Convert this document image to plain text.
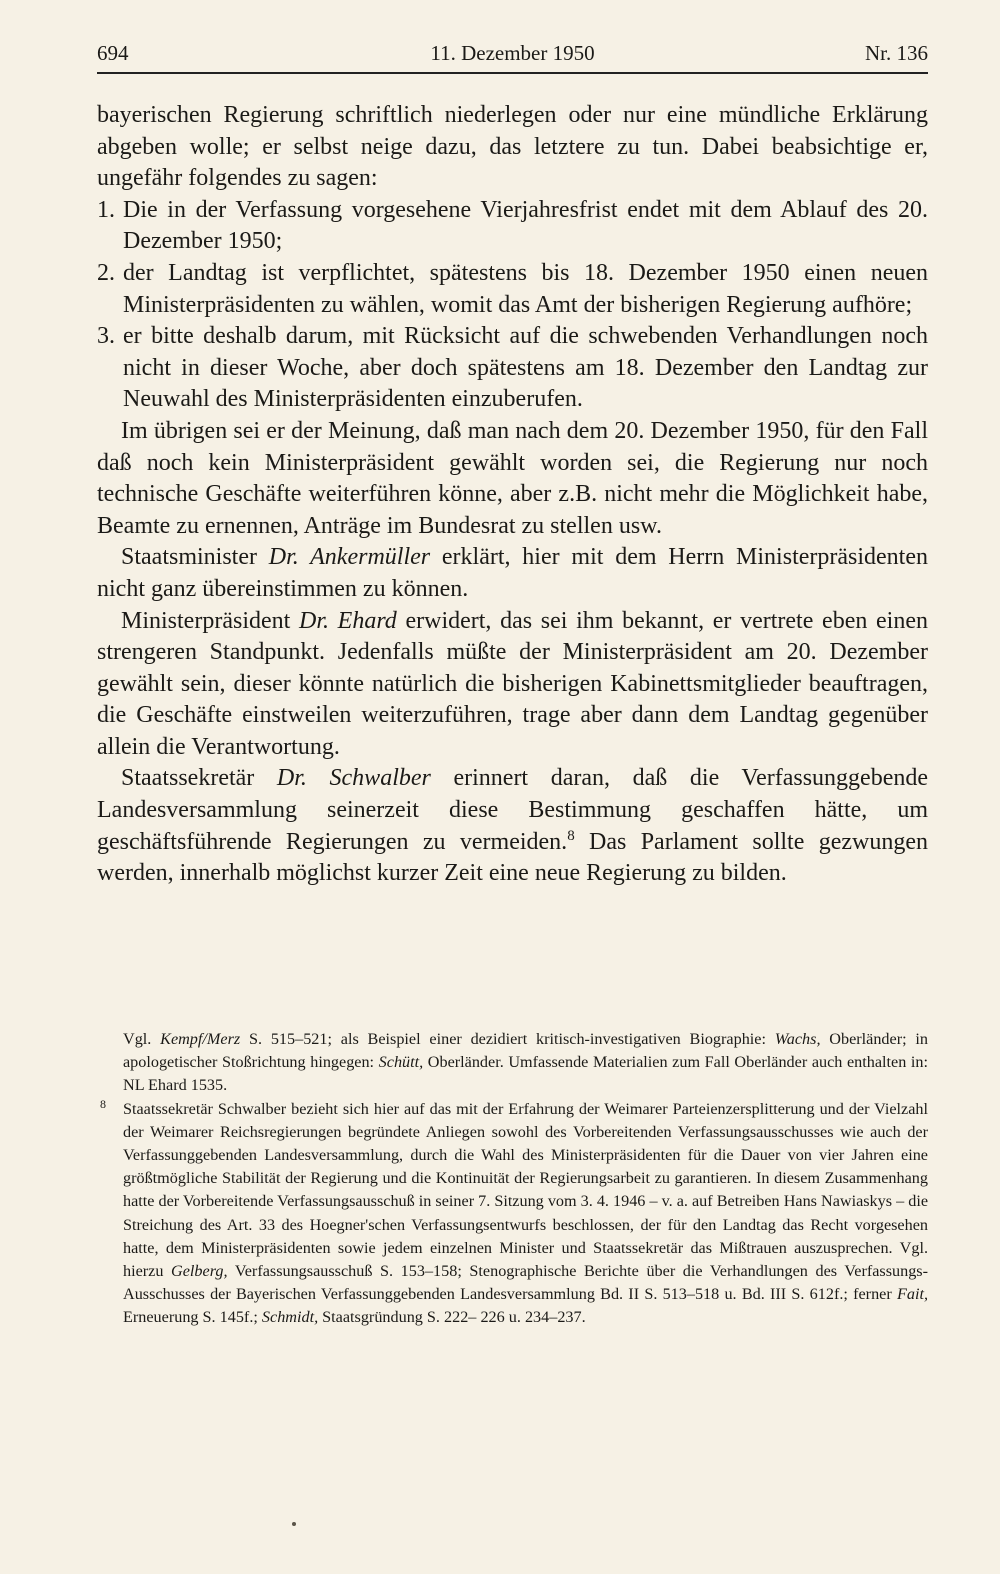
694	11. Dezember 1950	Nr. 136

bayerischen Regierung schriftlich niederlegen oder nur eine mündliche Erklärung abgeben wolle; er selbst neige dazu, das letztere zu tun. Dabei beabsichtige er, ungefähr folgendes zu sagen:

1. Die in der Verfassung vorgesehene Vierjahresfrist endet mit dem Ablauf des 20. Dezember 1950;
2. der Landtag ist verpflichtet, spätestens bis 18. Dezember 1950 einen neuen Ministerpräsidenten zu wählen, womit das Amt der bisherigen Regierung aufhöre;
3. er bitte deshalb darum, mit Rücksicht auf die schwebenden Verhandlungen noch nicht in dieser Woche, aber doch spätestens am 18. Dezember den Landtag zur Neuwahl des Ministerpräsidenten einzuberufen.

Im übrigen sei er der Meinung, daß man nach dem 20. Dezember 1950, für den Fall daß noch kein Ministerpräsident gewählt worden sei, die Regierung nur noch technische Geschäfte weiterführen könne, aber z.B. nicht mehr die Möglichkeit habe, Beamte zu ernennen, Anträge im Bundesrat zu stellen usw.

Staatsminister Dr. Ankermüller erklärt, hier mit dem Herrn Ministerpräsidenten nicht ganz übereinstimmen zu können.

Ministerpräsident Dr. Ehard erwidert, das sei ihm bekannt, er vertrete eben einen strengeren Standpunkt. Jedenfalls müßte der Ministerpräsident am 20. Dezember gewählt sein, dieser könnte natürlich die bisherigen Kabinettsmitglieder beauftragen, die Geschäfte einstweilen weiterzuführen, trage aber dann dem Landtag gegenüber allein die Verantwortung.

Staatssekretär Dr. Schwalber erinnert daran, daß die Verfassunggebende Landesversammlung seinerzeit diese Bestimmung geschaffen hätte, um geschäftsführende Regierungen zu vermeiden.$^8$ Das Parlament sollte gezwungen werden, innerhalb möglichst kurzer Zeit eine neue Regierung zu bilden.

Vgl. Kempf/Merz S. 515–521; als Beispiel einer dezidiert kritisch-investigativen Biographie: Wachs, Oberländer; in apologetischer Stoßrichtung hingegen: Schütt, Oberländer. Umfassende Materialien zum Fall Oberländer auch enthalten in: NL Ehard 1535.

8 Staatssekretär Schwalber bezieht sich hier auf das mit der Erfahrung der Weimarer Parteienzersplitterung und der Vielzahl der Weimarer Reichsregierungen begründete Anliegen sowohl des Vorbereitenden Verfassungsausschusses wie auch der Verfassunggebenden Landesversammlung, durch die Wahl des Ministerpräsidenten für die Dauer von vier Jahren eine größtmögliche Stabilität der Regierung und die Kontinuität der Regierungsarbeit zu garantieren. In diesem Zusammenhang hatte der Vorbereitende Verfassungsausschuß in seiner 7. Sitzung vom 3. 4. 1946 – v. a. auf Betreiben Hans Nawiaskys – die Streichung des Art. 33 des Hoegner'schen Verfassungsentwurfs beschlossen, der für den Landtag das Recht vorgesehen hatte, dem Ministerpräsidenten sowie jedem einzelnen Minister und Staatssekretär das Mißtrauen auszusprechen. Vgl. hierzu Gelberg, Verfassungsausschuß S. 153–158; Stenographische Berichte über die Verhandlungen des Verfassungs-Ausschusses der Bayerischen Verfassunggebenden Landesversammlung Bd. II S. 513–518 u. Bd. III S. 612f.; ferner Fait, Erneuerung S. 145f.; Schmidt, Staatsgründung S. 222– 226 u. 234–237.
